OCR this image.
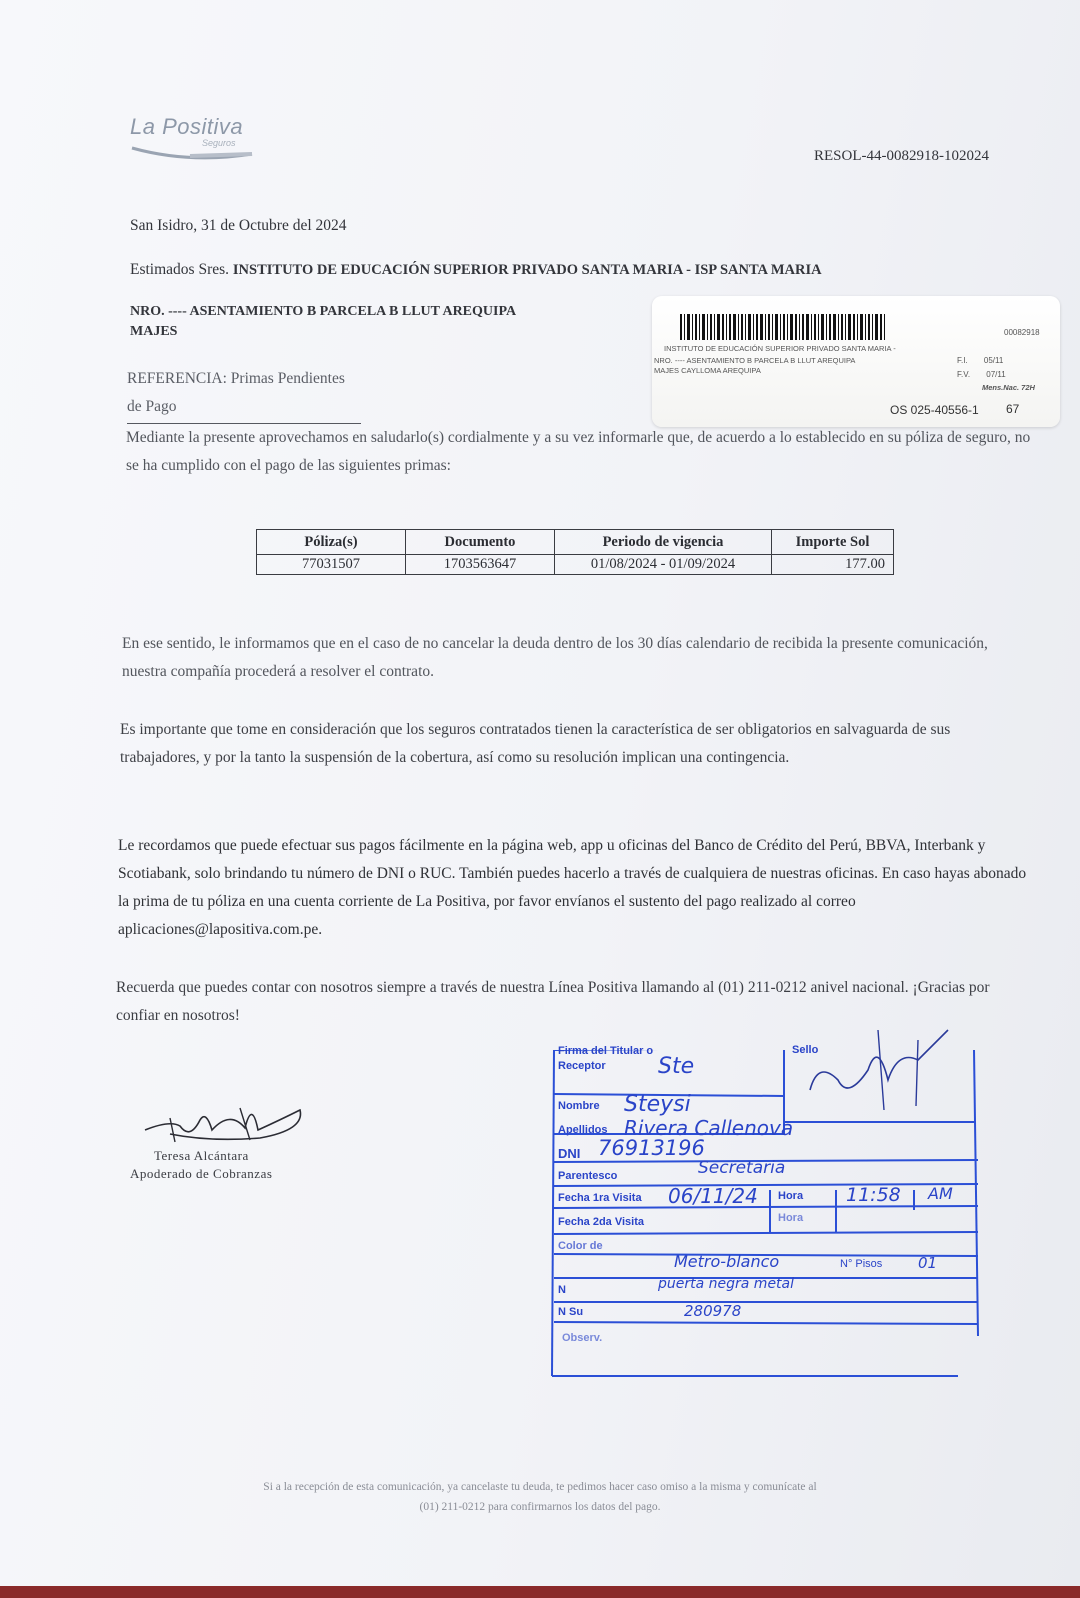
La Positiva
Seguros
RESOL-44-0082918-102024
San Isidro, 31 de Octubre del 2024
Estimados Sres. INSTITUTO DE EDUCACIÓN SUPERIOR PRIVADO SANTA MARIA - ISP SANTA MARIA
NRO. ---- ASENTAMIENTO B PARCELA B LLUT AREQUIPA
MAJES
REFERENCIA: Primas Pendientes de Pago
00082918
INSTITUTO DE EDUCACIÓN SUPERIOR PRIVADO SANTA MARIA -
NRO. ---- ASENTAMIENTO B PARCELA B LLUT AREQUIPA
MAJES CAYLLOMA AREQUIPA
F.I. 05/11
F.V. 07/11
Mens.Nac. 72H
OS 025-40556-1 67
Mediante la presente aprovechamos en saludarlo(s) cordialmente y a su vez informarle que, de acuerdo a lo establecido en su póliza de seguro, no se ha cumplido con el pago de las siguientes primas:
Póliza(s)	Documento	Periodo de vigencia	Importe Sol
77031507	1703563647	01/08/2024 - 01/09/2024	177.00
En ese sentido, le informamos que en el caso de no cancelar la deuda dentro de los 30 días calendario de recibida la presente comunicación, nuestra compañía procederá a resolver el contrato.
Es importante que tome en consideración que los seguros contratados tienen la característica de ser obligatorios en salvaguarda de sus trabajadores, y por la tanto la suspensión de la cobertura, así como su resolución implican una contingencia.
Le recordamos que puede efectuar sus pagos fácilmente en la página web, app u oficinas del Banco de Crédito del Perú, BBVA, Interbank y Scotiabank, solo brindando tu número de DNI o RUC. También puedes hacerlo a través de cualquiera de nuestras oficinas. En caso hayas abonado la prima de tu póliza en una cuenta corriente de La Positiva, por favor envíanos el sustento del pago realizado al correo aplicaciones@lapositiva.com.pe.
Recuerda que puedes contar con nosotros siempre a través de nuestra Línea Positiva llamando al (01) 211-0212 anivel nacional. ¡Gracias por confiar en nosotros!
Teresa Alcántara
Apoderado de Cobranzas
Firma del Titular o Receptor	Ste
Sello
Nombre Steysi
Apellidos Rivera Callenova
DNI 76913196
Parentesco	Secretaria
Fecha 1ra Visita 06/11/24 Hora 11:58 AM
Fecha 2da Visita	Hora
Color de
Metro-blanco	N° Pisos 01
N	puerta negra metal
N Su	280978
Observ.
Si a la recepción de esta comunicación, ya cancelaste tu deuda, te pedimos hacer caso omiso a la misma y comunícate al
(01) 211-0212 para confirmarnos los datos del pago.
